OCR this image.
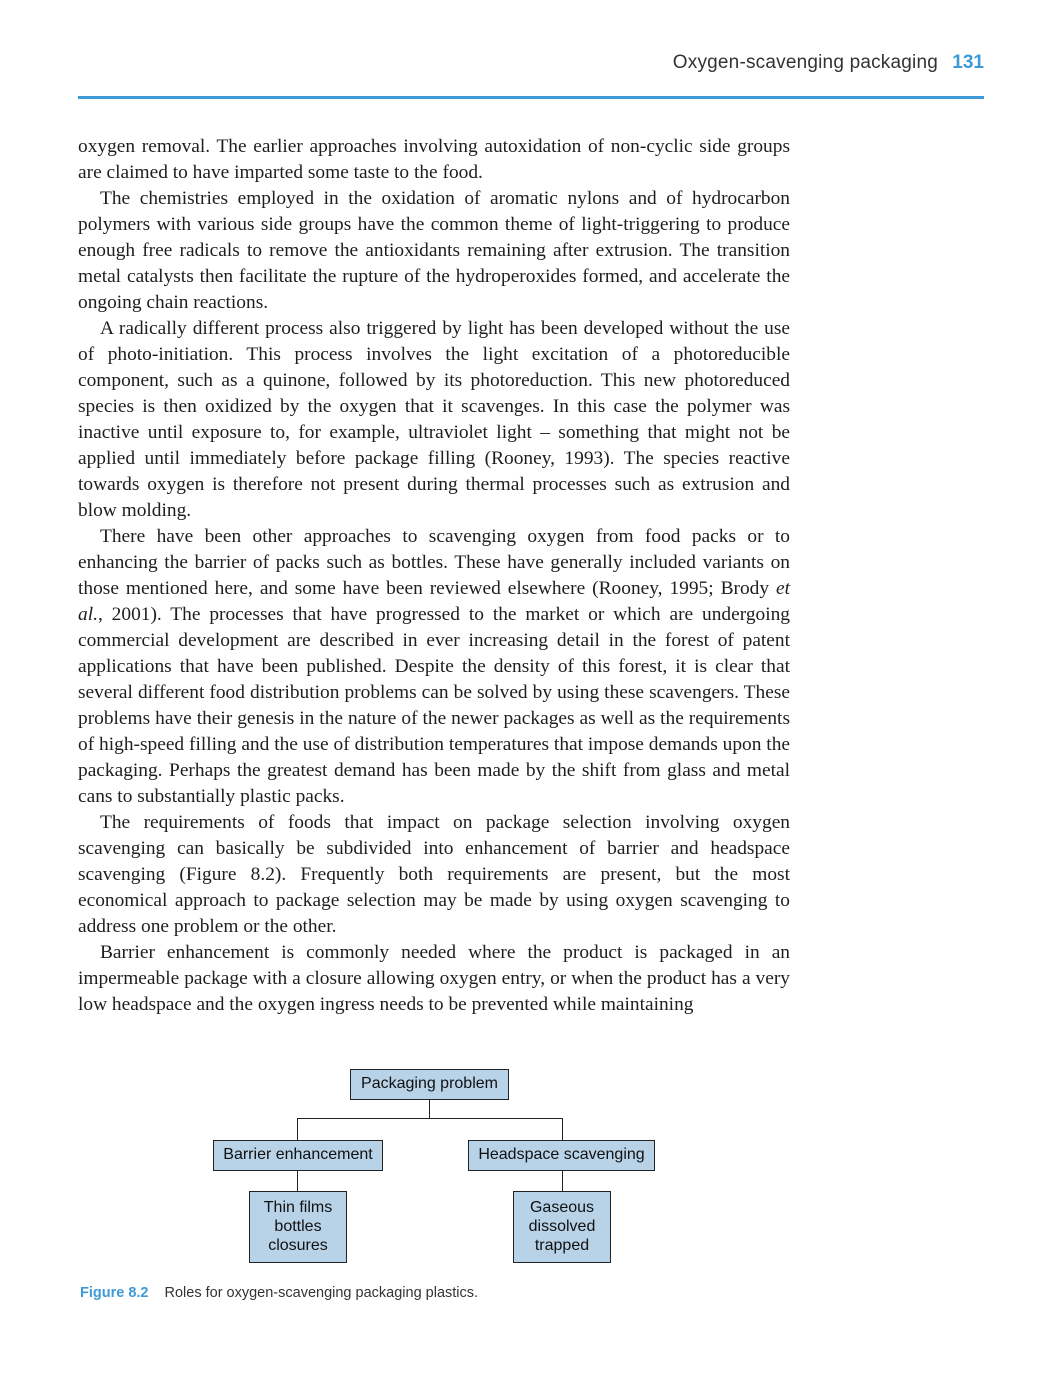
Oxygen-scavenging packaging 131

oxygen removal. The earlier approaches involving autoxidation of non-cyclic side groups are claimed to have imparted some taste to the food.

The chemistries employed in the oxidation of aromatic nylons and of hydrocarbon polymers with various side groups have the common theme of light-triggering to produce enough free radicals to remove the antioxidants remaining after extrusion. The transition metal catalysts then facilitate the rupture of the hydroperoxides formed, and accelerate the ongoing chain reactions.

A radically different process also triggered by light has been developed without the use of photo-initiation. This process involves the light excitation of a photoreducible component, such as a quinone, followed by its photoreduction. This new photoreduced species is then oxidized by the oxygen that it scavenges. In this case the polymer was inactive until exposure to, for example, ultraviolet light – something that might not be applied until immediately before package filling (Rooney, 1993). The species reactive towards oxygen is therefore not present during thermal processes such as extrusion and blow molding.

There have been other approaches to scavenging oxygen from food packs or to enhancing the barrier of packs such as bottles. These have generally included variants on those mentioned here, and some have been reviewed elsewhere (Rooney, 1995; Brody et al., 2001). The processes that have progressed to the market or which are undergoing commercial development are described in ever increasing detail in the forest of patent applications that have been published. Despite the density of this forest, it is clear that several different food distribution problems can be solved by using these scavengers. These problems have their genesis in the nature of the newer packages as well as the requirements of high-speed filling and the use of distribution temperatures that impose demands upon the packaging. Perhaps the greatest demand has been made by the shift from glass and metal cans to substantially plastic packs.

The requirements of foods that impact on package selection involving oxygen scavenging can basically be subdivided into enhancement of barrier and headspace scavenging (Figure 8.2). Frequently both requirements are present, but the most economical approach to package selection may be made by using oxygen scavenging to address one problem or the other.

Barrier enhancement is commonly needed where the product is packaged in an impermeable package with a closure allowing oxygen entry, or when the product has a very low headspace and the oxygen ingress needs to be prevented while maintaining

Packaging problem
Barrier enhancement	Headspace scavenging
Thin films
bottles
closures
Gaseous
dissolved
trapped
Figure 8.2 Roles for oxygen-scavenging packaging plastics.
